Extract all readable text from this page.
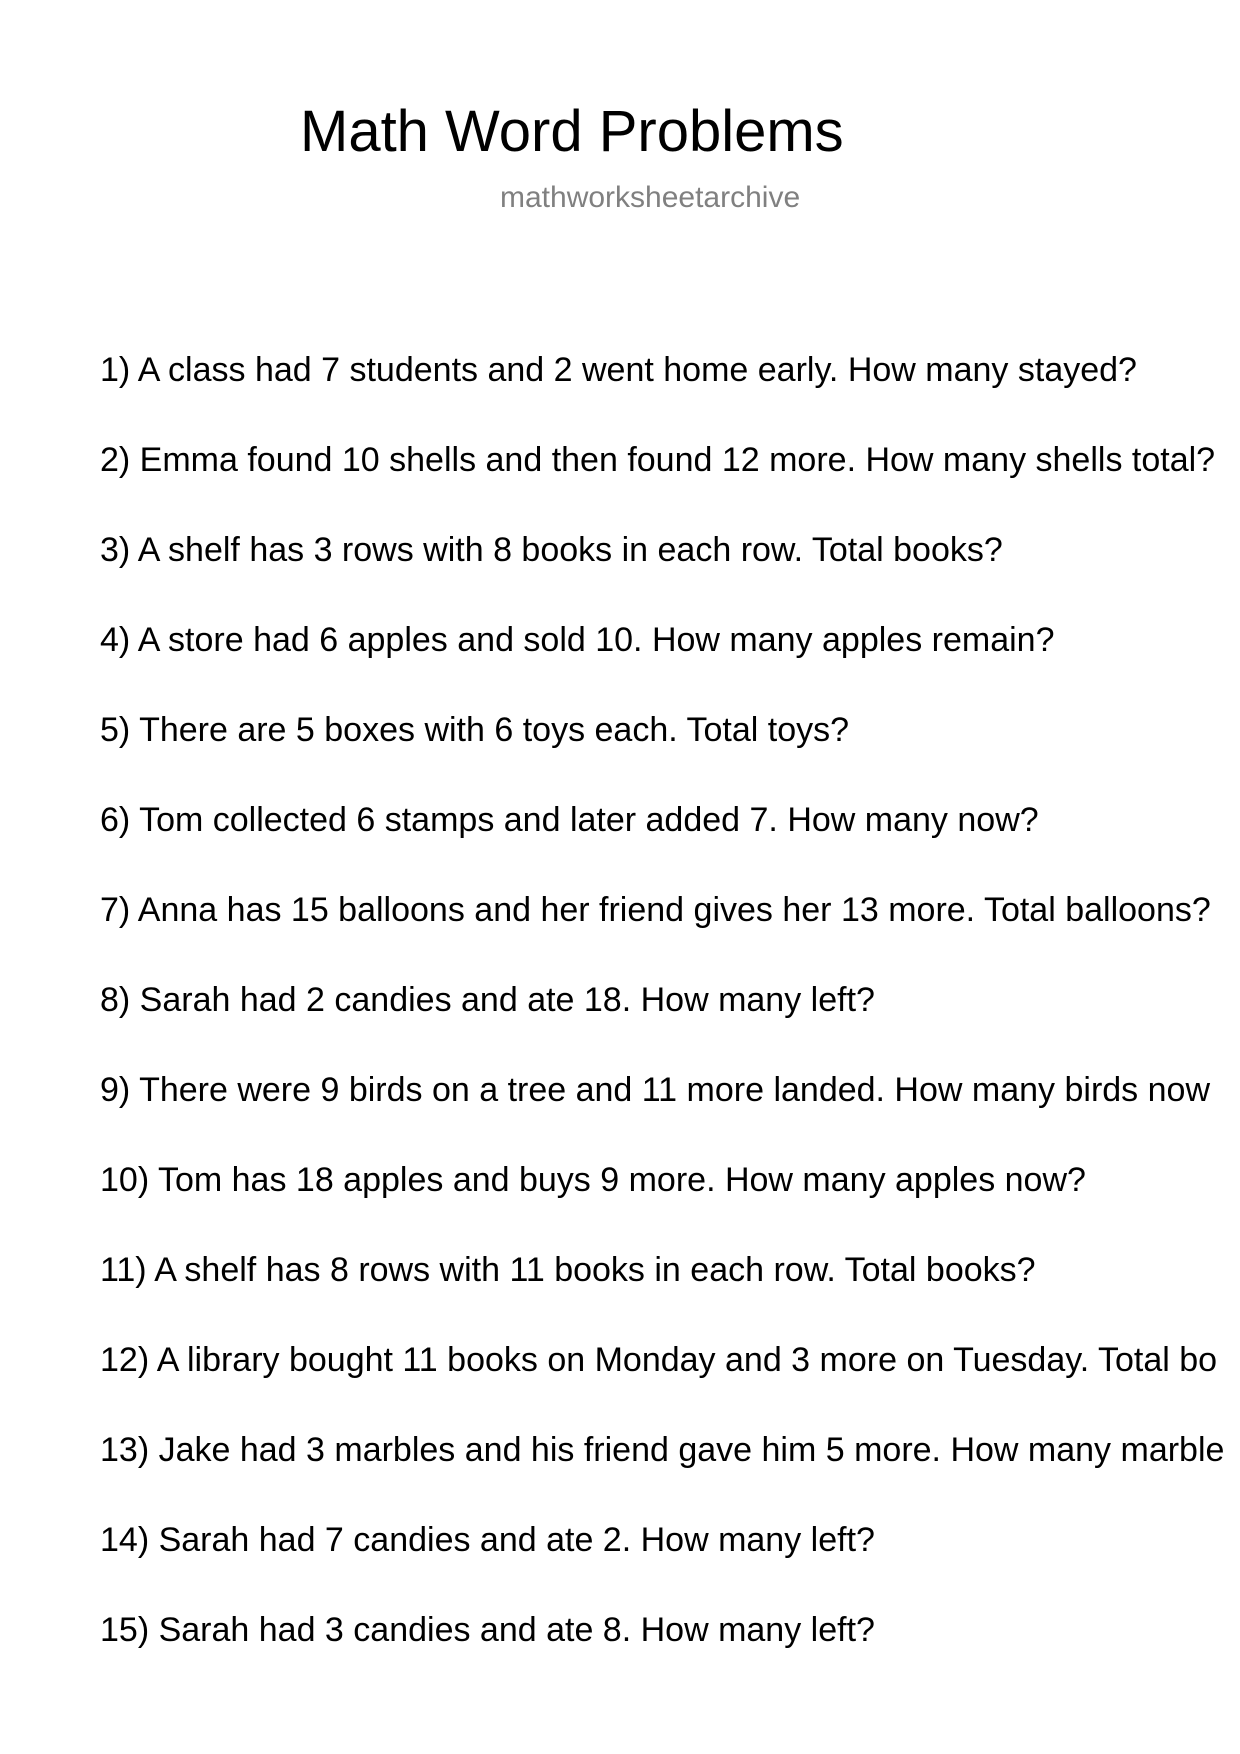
Math Word Problems
mathworksheetarchive
1) A class had 7 students and 2 went home early. How many stayed?
2) Emma found 10 shells and then found 12 more. How many shells total?
3) A shelf has 3 rows with 8 books in each row. Total books?
4) A store had 6 apples and sold 10. How many apples remain?
5) There are 5 boxes with 6 toys each. Total toys?
6) Tom collected 6 stamps and later added 7. How many now?
7) Anna has 15 balloons and her friend gives her 13 more. Total balloons?
8) Sarah had 2 candies and ate 18. How many left?
9) There were 9 birds on a tree and 11 more landed. How many birds now
10) Tom has 18 apples and buys 9 more. How many apples now?
11) A shelf has 8 rows with 11 books in each row. Total books?
12) A library bought 11 books on Monday and 3 more on Tuesday. Total bo
13) Jake had 3 marbles and his friend gave him 5 more. How many marble
14) Sarah had 7 candies and ate 2. How many left?
15) Sarah had 3 candies and ate 8. How many left?
